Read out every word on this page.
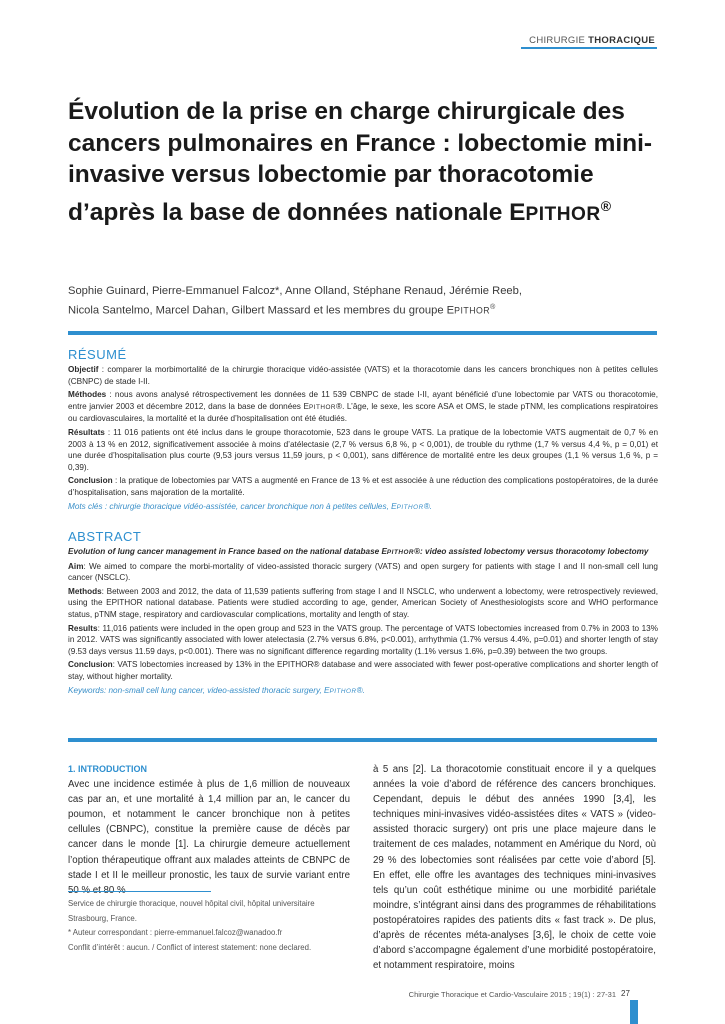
CHIRURGIE THORACIQUE
Évolution de la prise en charge chirurgicale des cancers pulmonaires en France : lobectomie mini-invasive versus lobectomie par thoracotomie d’après la base de données nationale EPITHOR®
Sophie Guinard, Pierre-Emmanuel Falcoz*, Anne Olland, Stéphane Renaud, Jérémie Reeb,
Nicola Santelmo, Marcel Dahan, Gilbert Massard et les membres du groupe EPITHOR®
RÉSUMÉ

Objectif : comparer la morbimortalité de la chirurgie thoracique vidéo-assistée (VATS) et la thoracotomie dans les cancers bronchiques non à petites cellules (CBNPC) de stade I-II.

Méthodes : nous avons analysé rétrospectivement les données de 11 539 CBNPC de stade I-II, ayant bénéficié d’une lobectomie par VATS ou thoracotomie, entre janvier 2003 et décembre 2012, dans la base de données EPITHOR®. L’âge, le sexe, les score ASA et OMS, le stade pTNM, les complications respiratoires ou cardiovasculaires, la mortalité et la durée d’hospitalisation ont été étudiés.

Résultats : 11 016 patients ont été inclus dans le groupe thoracotomie, 523 dans le groupe VATS. La pratique de la lobectomie VATS augmentait de 0,7 % en 2003 à 13 % en 2012, significativement associée à moins d’atélectasie (2,7 % versus 6,8 %, p < 0,001), de trouble du rythme (1,7 % versus 4,4 %, p = 0,01) et une durée d’hospitalisation plus courte (9,53 jours versus 11,59 jours, p < 0,001), sans différence de mortalité entre les deux groupes (1,1 % versus 1,6 %, p = 0,39).

Conclusion : la pratique de lobectomies par VATS a augmenté en France de 13 % et est associée à une réduction des complications postopératoires, de la durée d’hospitalisation, sans majoration de la mortalité.

Mots clés : chirurgie thoracique vidéo-assistée, cancer bronchique non à petites cellules, EPITHOR®.

ABSTRACT

Evolution of lung cancer management in France based on the national database EPITHOR®: video assisted lobectomy versus thoracotomy lobectomy

Aim: We aimed to compare the morbi-mortality of video-assisted thoracic surgery (VATS) and open surgery for patients with stage I and II non-small cell lung cancer (NSCLC).

Methods: Between 2003 and 2012, the data of 11,539 patients suffering from stage I and II NSCLC, who underwent a lobectomy, were retrospectively reviewed, using the EPITHOR national database. Patients were studied according to age, gender, American Society of Anesthesiologists score and WHO performance status, pTNM stage, respiratory and cardiovascular complications, mortality and length of stay.

Results: 11,016 patients were included in the open group and 523 in the VATS group. The percentage of VATS lobectomies increased from 0.7% in 2003 to 13% in 2012. VATS was significantly associated with lower atelectasia (2.7% versus 6.8%, p<0.001), arrhythmia (1.7% versus 4.4%, p=0.01) and shorter length of stay (9.53 days versus 11.59 days, p<0.001). There was no significant difference regarding mortality (1.1% versus 1.6%, p=0.39) between the two groups.

Conclusion: VATS lobectomies increased by 13% in the EPITHOR® database and were associated with fewer post-operative complications and shorter length of stay, without higher mortality.

Keywords: non-small cell lung cancer, video-assisted thoracic surgery, EPITHOR®.

1. INTRODUCTION

Avec une incidence estimée à plus de 1,6 million de nouveaux cas par an, et une mortalité à 1,4 million par an, le cancer du poumon, et notamment le cancer bronchique non à petites cellules (CBNPC), constitue la première cause de décès par cancer dans le monde [1]. La chirurgie demeure actuellement l’option thérapeutique offrant aux malades atteints de CBNPC de stade I et II le meilleur pronostic, les taux de survie variant entre

à 5 ans [2]. La thoracotomie constituait encore il y a quelques années la voie d’abord de référence des cancers bronchiques. Cependant, depuis le début des années 1990 [3,4], les techniques mini-invasives vidéo-assistées dites « VATS » (video-assisted thoracic surgery) ont pris une place majeure dans le traitement de ces malades, notamment en Amérique du Nord, où 29 % des lobectomies sont réalisées par cette voie d’abord [5]. En effet, elle offre les avantages des techniques mini-invasives tels qu’un coût esthétique minime ou une morbidité pariétale moindre, s’intégrant ainsi dans des programmes de réhabilitations postopératoires rapides des patients dits « fast track ». De plus, d’après de récentes méta-analyses [3,6], le choix de cette voie d’abord s’accompagne également d’une morbidité postopératoire, et notamment respiratoire, moins

Service de chirurgie thoracique, nouvel hôpital civil, hôpital universitaire

Strasbourg, France.

* Auteur correspondant : pierre-emmanuel.falcoz@wanadoo.fr

Conflit d’intérêt : aucun. / Conflict of interest statement: none declared.

Chirurgie Thoracique et Cardio-Vasculaire 2015 ; 19(1) : 27-31 27
